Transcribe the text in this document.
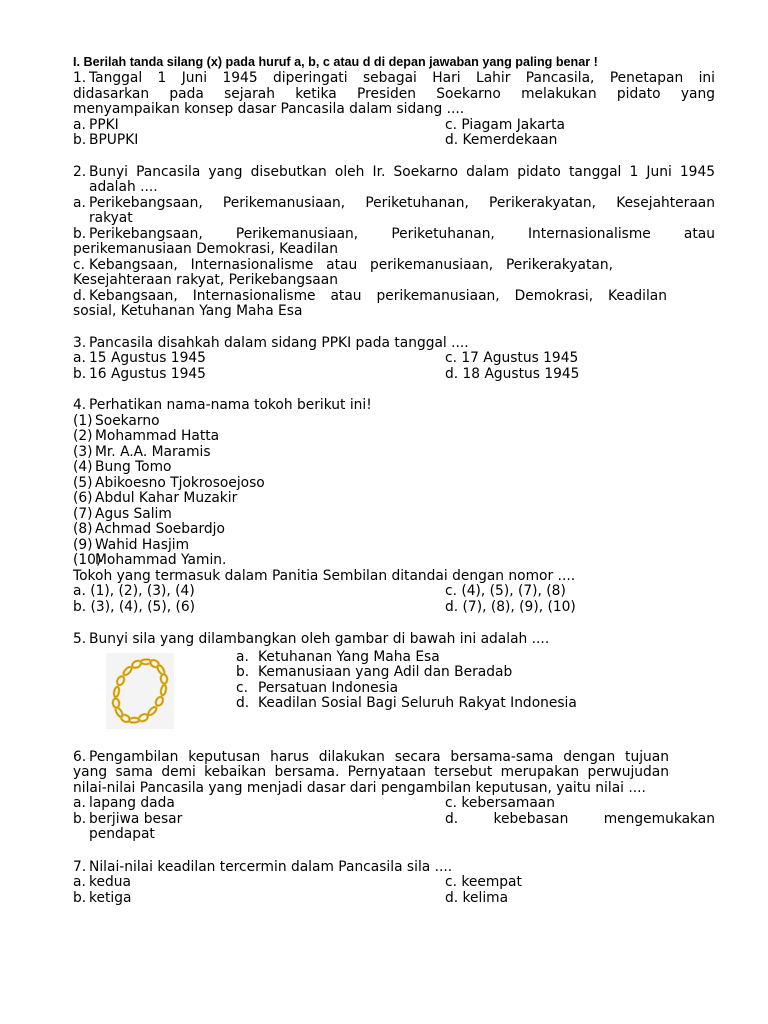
I. Berilah tanda silang (x) pada huruf a, b, c atau d di depan jawaban yang paling benar !
1. Tanggal 1 Juni 1945 diperingati sebagai Hari Lahir Pancasila, Penetapan ini
didasarkan pada sejarah ketika Presiden Soekarno melakukan pidato yang
menyampaikan konsep dasar Pancasila dalam sidang ....
a. PPKI	c. Piagam Jakarta
b. BPUPKI	d. Kemerdekaan
2. Bunyi Pancasila yang disebutkan oleh Ir. Soekarno dalam pidato tanggal 1 Juni 1945
adalah ....
a. Perikebangsaan, Perikemanusiaan, Periketuhanan, Perikerakyatan, Kesejahteraan
rakyat
b. Perikebangsaan, Perikemanusiaan, Periketuhanan, Internasionalisme atau
perikemanusiaan Demokrasi, Keadilan
c. Kebangsaan, Internasionalisme atau perikemanusiaan, Perikerakyatan,
Kesejahteraan rakyat, Perikebangsaan
d. Kebangsaan, Internasionalisme atau perikemanusiaan, Demokrasi, Keadilan
sosial, Ketuhanan Yang Maha Esa
3. Pancasila disahkah dalam sidang PPKI pada tanggal ....
a. 15 Agustus 1945	c. 17 Agustus 1945
b. 16 Agustus 1945	d. 18 Agustus 1945
4. Perhatikan nama-nama tokoh berikut ini!
(1) Soekarno
(2) Mohammad Hatta
(3) Mr. A.A. Maramis
(4) Bung Tomo
(5) Abikoesno Tjokrosoejoso
(6) Abdul Kahar Muzakir
(7) Agus Salim
(8) Achmad Soebardjo
(9) Wahid Hasjim
(10)Mohammad Yamin.
Tokoh yang termasuk dalam Panitia Sembilan ditandai dengan nomor ....
a. (1), (2), (3), (4)	c. (4), (5), (7), (8)
b. (3), (4), (5), (6)	d. (7), (8), (9), (10)
5. Bunyi sila yang dilambangkan oleh gambar di bawah ini adalah ....
a. Ketuhanan Yang Maha Esa
b. Kemanusiaan yang Adil dan Beradab
c. Persatuan Indonesia
d. Keadilan Sosial Bagi Seluruh Rakyat Indonesia
6. Pengambilan keputusan harus dilakukan secara bersama-sama dengan tujuan
yang sama demi kebaikan bersama. Pernyataan tersebut merupakan perwujudan
nilai-nilai Pancasila yang menjadi dasar dari pengambilan keputusan, yaitu nilai ....
a. lapang dada	c. kebersamaan
b. berjiwa besar	d. kebebasan mengemukakan
pendapat
7. Nilai-nilai keadilan tercermin dalam Pancasila sila ....
a. kedua	c. keempat
b. ketiga	d. kelima
